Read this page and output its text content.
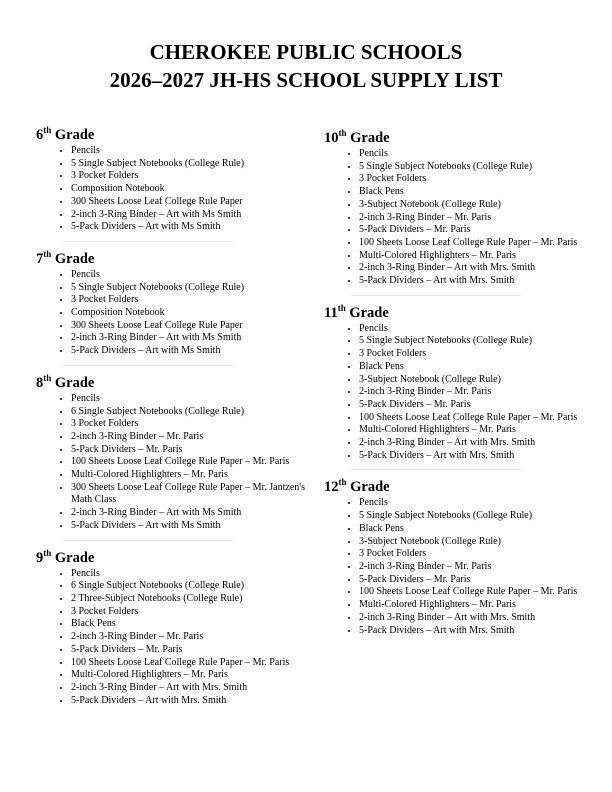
CHEROKEE PUBLIC SCHOOLS
2026–2027 JH-HS SCHOOL SUPPLY LIST
6th Grade
• Pencils
• 5 Single Subject Notebooks (College Rule)
• 3 Pocket Folders
• Composition Notebook
• 300 Sheets Loose Leaf College Rule Paper
• 2-inch 3-Ring Binder – Art with Ms Smith
• 5-Pack Dividers – Art with Ms Smith
7th Grade
• Pencils
• 5 Single Subject Notebooks (College Rule)
• 3 Pocket Folders
• Composition Notebook
• 300 Sheets Loose Leaf College Rule Paper
• 2-inch 3-Ring Binder – Art with Ms Smith
• 5-Pack Dividers – Art with Ms Smith
8th Grade
• Pencils
• 6 Single Subject Notebooks (College Rule)
• 3 Pocket Folders
• 2-inch 3-Ring Binder – Mr. Paris
• 5-Pack Dividers – Mr. Paris
• 100 Sheets Loose Leaf College Rule Paper – Mr. Paris
• Multi-Colored Highlighters – Mr. Paris
• 300 Sheets Loose Leaf College Rule Paper – Mr. Jantzen's Math Class
• 2-inch 3-Ring Binder – Art with Ms Smith
• 5-Pack Dividers – Art with Ms Smith
9th Grade
• Pencils
• 6 Single Subject Notebooks (College Rule)
• 2 Three-Subject Notebooks (College Rule)
• 3 Pocket Folders
• Black Pens
• 2-inch 3-Ring Binder – Mr. Paris
• 5-Pack Dividers – Mr. Paris
• 100 Sheets Loose Leaf College Rule Paper – Mr. Paris
• Multi-Colored Highlighters – Mr. Paris
• 2-inch 3-Ring Binder – Art with Mrs. Smith
• 5-Pack Dividers – Art with Mrs. Smith
10th Grade
• Pencils
• 5 Single Subject Notebooks (College Rule)
• 3 Pocket Folders
• Black Pens
• 3-Subject Notebook (College Rule)
• 2-inch 3-Ring Binder – Mr. Paris
• 5-Pack Dividers – Mr. Paris
• 100 Sheets Loose Leaf College Rule Paper – Mr. Paris
• Multi-Colored Highlighters – Mr. Paris
• 2-inch 3-Ring Binder – Art with Mrs. Smith
• 5-Pack Dividers – Art with Mrs. Smith
11th Grade
• Pencils
• 5 Single Subject Notebooks (College Rule)
• 3 Pocket Folders
• Black Pens
• 3-Subject Notebook (College Rule)
• 2-inch 3-Ring Binder – Mr. Paris
• 5-Pack Dividers – Mr. Paris
• 100 Sheets Loose Leaf College Rule Paper – Mr. Paris
• Multi-Colored Highlighters – Mr. Paris
• 2-inch 3-Ring Binder – Art with Mrs. Smith
• 5-Pack Dividers – Art with Mrs. Smith
12th Grade
• Pencils
• 5 Single Subject Notebooks (College Rule)
• Black Pens
• 3-Subject Notebook (College Rule)
• 3 Pocket Folders
• 2-inch 3-Ring Binder – Mr. Paris
• 5-Pack Dividers – Mr. Paris
• 100 Sheets Loose Leaf College Rule Paper – Mr. Paris
• Multi-Colored Highlighters – Mr. Paris
• 2-inch 3-Ring Binder – Art with Mrs. Smith
• 5-Pack Dividers – Art with Mrs. Smith
